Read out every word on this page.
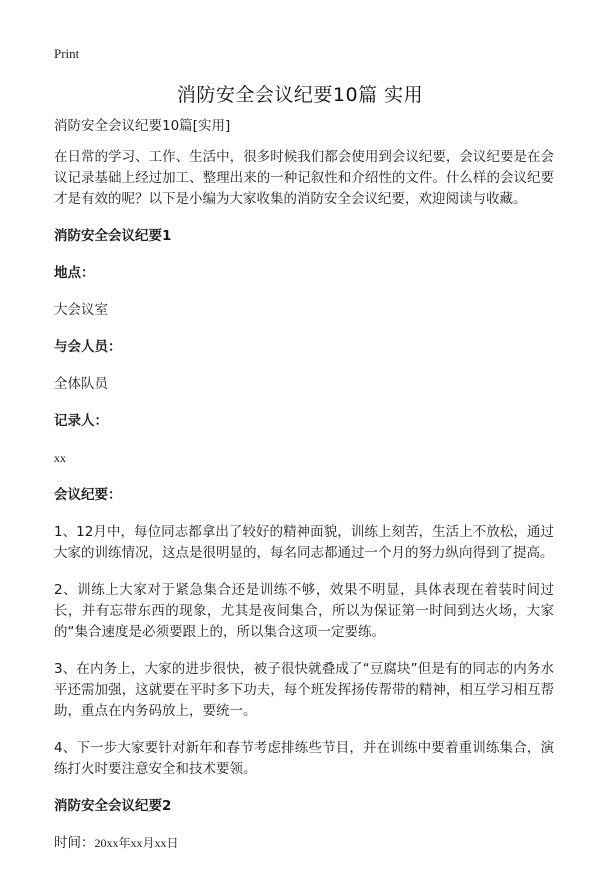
Print
消防安全会议纪要10篇 实用

消防安全会议纪要10篇[实用]

在日常的学习、工作、生活中，很多时候我们都会使用到会议纪要，会议纪要是在会议记录基础上经过加工、整理出来的一种记叙性和介绍性的文件。什么样的会议纪要才是有效的呢？以下是小编为大家收集的消防安全会议纪要，欢迎阅读与收藏。

消防安全会议纪要1

地点：

大会议室

与会人员：

全体队员

记录人：

xx

会议纪要：

1、12月中，每位同志都拿出了较好的精神面貌，训练上刻苦，生活上不放松，通过大家的训练情况，这点是很明显的，每名同志都通过一个月的努力纵向得到了提高。

2、训练上大家对于紧急集合还是训练不够，效果不明显，具体表现在着装时间过长，并有忘带东西的现象，尤其是夜间集合，所以为保证第一时间到达火场，大家的“集合速度是必须要跟上的，所以集合这项一定要练。

3、在内务上，大家的进步很快，被子很快就叠成了“豆腐块”但是有的同志的内务水平还需加强，这就要在平时多下功夫，每个班发挥扬传帮带的精神，相互学习相互帮助，重点在内务码放上，要统一。

4、下一步大家要针对新年和春节考虑排练些节目，并在训练中要着重训练集合，演练打火时要注意安全和技术要领。

消防安全会议纪要2

时间：20xx年xx月xx日
